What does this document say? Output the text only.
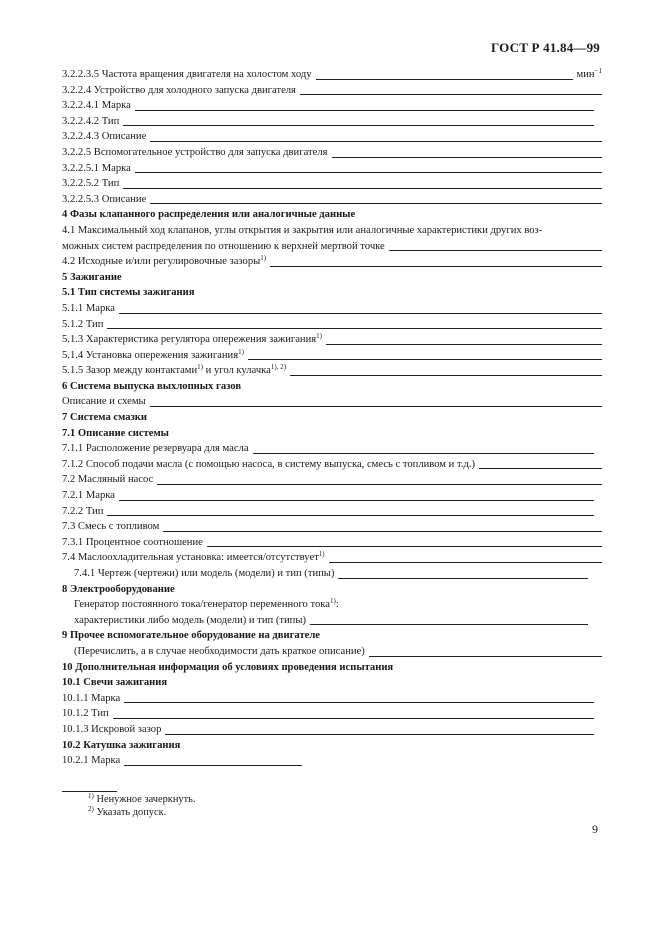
ГОСТ Р 41.84—99
3.2.2.3.5 Частота вращения двигателя на холостом ходу	мин$^{-1}$
3.2.2.4 Устройство для холодного запуска двигателя
3.2.2.4.1 Марка
3.2.2.4.2 Тип
3.2.2.4.3 Описание
3.2.2.5 Вспомогательное устройство для запуска двигателя
3.2.2.5.1 Марка
3.2.2.5.2 Тип
3.2.2.5.3 Описание
4 Фазы клапанного распределения или аналогичные данные
4.1 Максимальный ход клапанов, углы открытия и закрытия или аналогичные характеристики других воз-
можных систем распределения по отношению к верхней мертвой точке
4.2 Исходные и/или регулировочные зазоры$^{1)}$
5 Зажигание
5.1 Тип системы зажигания
5.1.1 Марка
5.1.2 Тип
5.1.3 Характеристика регулятора опережения зажигания$^{1)}$
5.1.4 Установка опережения зажигания$^{1)}$
5.1.5 Зазор между контактами$^{1)}$ и угол кулачка$^{1), 2)}$
6 Система выпуска выхлопных газов
Описание и схемы
7 Система смазки
7.1 Описание системы
7.1.1 Расположение резервуара для масла
7.1.2 Способ подачи масла (с помощью насоса, в систему выпуска, смесь с топливом и т.д.)
7.2 Масляный насос
7.2.1 Марка
7.2.2 Тип
7.3 Смесь с топливом
7.3.1 Процентное соотношение
7.4 Маслоохладительная установка: имеется/отсутствует$^{1)}$
7.4.1 Чертеж (чертежи) или модель (модели) и тип (типы)
8 Электрооборудование
Генератор постоянного тока/генератор переменного тока$^{1)}$:
характеристики либо модель (модели) и тип (типы)
9 Прочее вспомогательное оборудование на двигателе
(Перечислить, а в случае необходимости дать краткое описание)
10 Дополнительная информация об условиях проведения испытания
10.1 Свечи зажигания
10.1.1 Марка
10.1.2 Тип
10.1.3 Искровой зазор
10.2 Катушка зажигания
10.2.1 Марка
$^{1)}$ Ненужное зачеркнуть.
$^{2)}$ Указать допуск.
9
